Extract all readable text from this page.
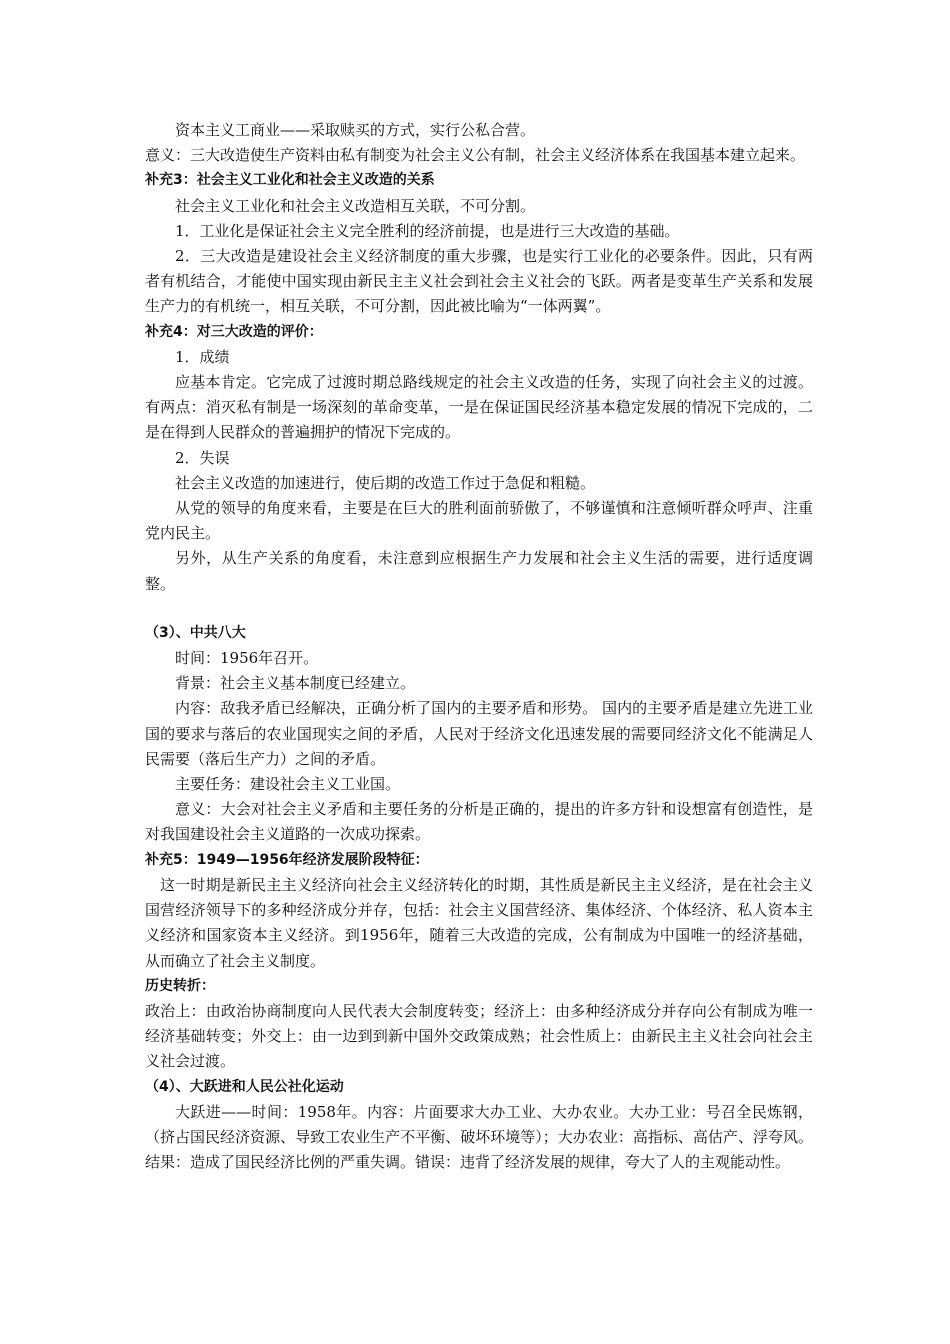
资本主义工商业——采取赎买的方式，实行公私合营。

意义：三大改造使生产资料由私有制变为社会主义公有制，社会主义经济体系在我国基本建立起来。

补充3：社会主义工业化和社会主义改造的关系

社会主义工业化和社会主义改造相互关联，不可分割。

1．工业化是保证社会主义完全胜利的经济前提，也是进行三大改造的基础。

2．三大改造是建设社会主义经济制度的重大步骤，也是实行工业化的必要条件。因此，只有两者有机结合，才能使中国实现由新民主主义社会到社会主义社会的飞跃。两者是变革生产关系和发展生产力的有机统一，相互关联，不可分割，因此被比喻为“一体两翼”。

补充4：对三大改造的评价：

1．成绩

应基本肯定。它完成了过渡时期总路线规定的社会主义改造的任务，实现了向社会主义的过渡。有两点：消灭私有制是一场深刻的革命变革，一是在保证国民经济基本稳定发展的情况下完成的，二是在得到人民群众的普遍拥护的情况下完成的。

2．失误

社会主义改造的加速进行，使后期的改造工作过于急促和粗糙。

从党的领导的角度来看，主要是在巨大的胜利面前骄傲了，不够谨慎和注意倾听群众呼声、注重党内民主。

另外，从生产关系的角度看，未注意到应根据生产力发展和社会主义生活的需要，进行适度调整。

（3）、中共八大

时间：1956年召开。

背景：社会主义基本制度已经建立。

内容：敌我矛盾已经解决，正确分析了国内的主要矛盾和形势。 国内的主要矛盾是建立先进工业国的要求与落后的农业国现实之间的矛盾，人民对于经济文化迅速发展的需要同经济文化不能满足人民需要（落后生产力）之间的矛盾。

主要任务：建设社会主义工业国。

意义：大会对社会主义矛盾和主要任务的分析是正确的，提出的许多方针和设想富有创造性，是对我国建设社会主义道路的一次成功探索。

补充5：1949—1956年经济发展阶段特征：

这一时期是新民主主义经济向社会主义经济转化的时期，其性质是新民主主义经济，是在社会主义国营经济领导下的多种经济成分并存，包括：社会主义国营经济、集体经济、个体经济、私人资本主义经济和国家资本主义经济。到1956年，随着三大改造的完成，公有制成为中国唯一的经济基础，从而确立了社会主义制度。

历史转折：

政治上：由政治协商制度向人民代表大会制度转变；经济上：由多种经济成分并存向公有制成为唯一经济基础转变；外交上：由一边到到新中国外交政策成熟；社会性质上：由新民主主义社会向社会主义社会过渡。

（4）、大跃进和人民公社化运动

大跃进——时间：1958年。内容：片面要求大办工业、大办农业。大办工业：号召全民炼钢，（挤占国民经济资源、导致工农业生产不平衡、破坏环境等）；大办农业：高指标、高估产、浮夸风。结果：造成了国民经济比例的严重失调。错误：违背了经济发展的规律，夸大了人的主观能动性。
